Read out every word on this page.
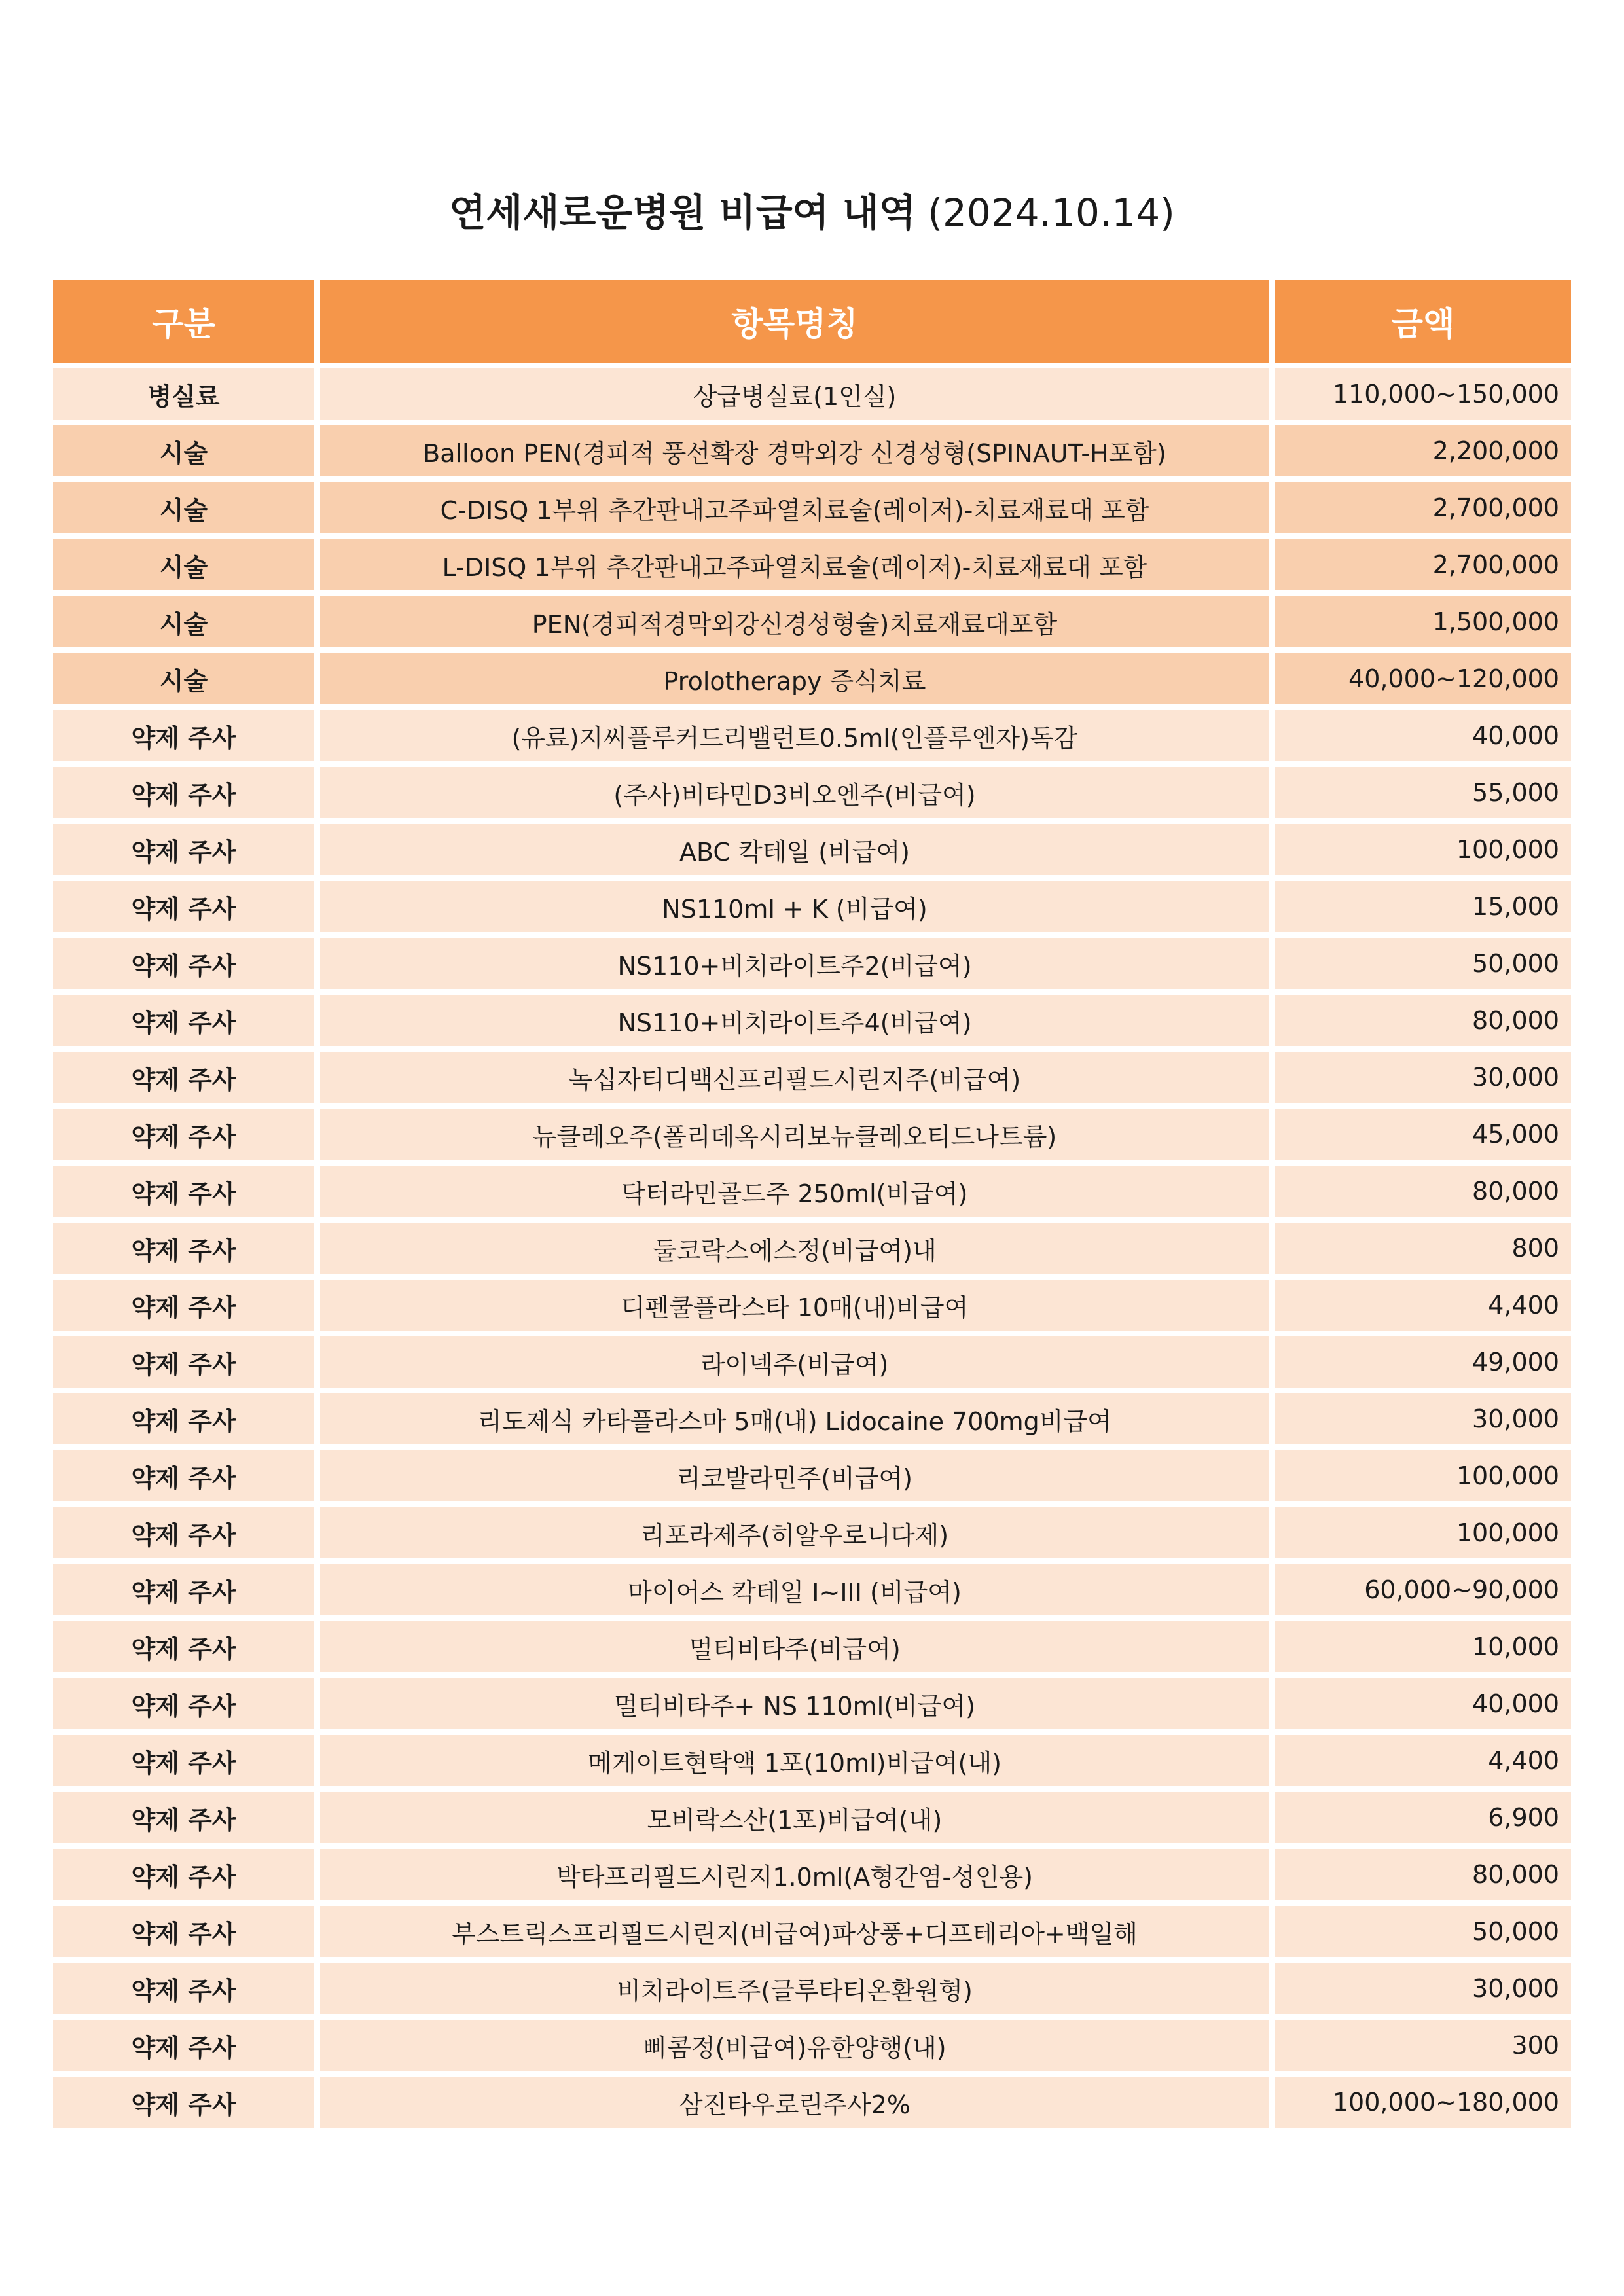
연세새로운병원 비급여 내역 (2024.10.14)
구분	항목명칭	금액
병실료	상급병실료(1인실)	110,000~150,000
시술	Balloon PEN(경피적 풍선확장 경막외강 신경성형(SPINAUT-H포함)	2,200,000
시술	C-DISQ 1부위 추간판내고주파열치료술(레이저)-치료재료대 포함	2,700,000
시술	L-DISQ 1부위 추간판내고주파열치료술(레이저)-치료재료대 포함	2,700,000
시술	PEN(경피적경막외강신경성형술)치료재료대포함	1,500,000
시술	Prolotherapy 증식치료	40,000~120,000
약제 주사	(유료)지씨플루커드리밸런트0.5ml(인플루엔자)독감	40,000
약제 주사	(주사)비타민D3비오엔주(비급여)	55,000
약제 주사	ABC 칵테일 (비급여)	100,000
약제 주사	NS110ml + K (비급여)	15,000
약제 주사	NS110+비치라이트주2(비급여)	50,000
약제 주사	NS110+비치라이트주4(비급여)	80,000
약제 주사	녹십자티디백신프리필드시린지주(비급여)	30,000
약제 주사	뉴클레오주(폴리데옥시리보뉴클레오티드나트륨)	45,000
약제 주사	닥터라민골드주 250ml(비급여)	80,000
약제 주사	둘코락스에스정(비급여)내	800
약제 주사	디펜쿨플라스타 10매(내)비급여	4,400
약제 주사	라이넥주(비급여)	49,000
약제 주사	리도제식 카타플라스마 5매(내) Lidocaine 700mg비급여	30,000
약제 주사	리코발라민주(비급여)	100,000
약제 주사	리포라제주(히알우로니다제)	100,000
약제 주사	마이어스 칵테일 I~III (비급여)	60,000~90,000
약제 주사	멀티비타주(비급여)	10,000
약제 주사	멀티비타주+ NS 110ml(비급여)	40,000
약제 주사	메게이트현탁액 1포(10ml)비급여(내)	4,400
약제 주사	모비락스산(1포)비급여(내)	6,900
약제 주사	박타프리필드시린지1.0ml(A형간염-성인용)	80,000
약제 주사	부스트릭스프리필드시린지(비급여)파상풍+디프테리아+백일해	50,000
약제 주사	비치라이트주(글루타티온환원형)	30,000
약제 주사	삐콤정(비급여)유한양행(내)	300
약제 주사	삼진타우로린주사2%	100,000~180,000
